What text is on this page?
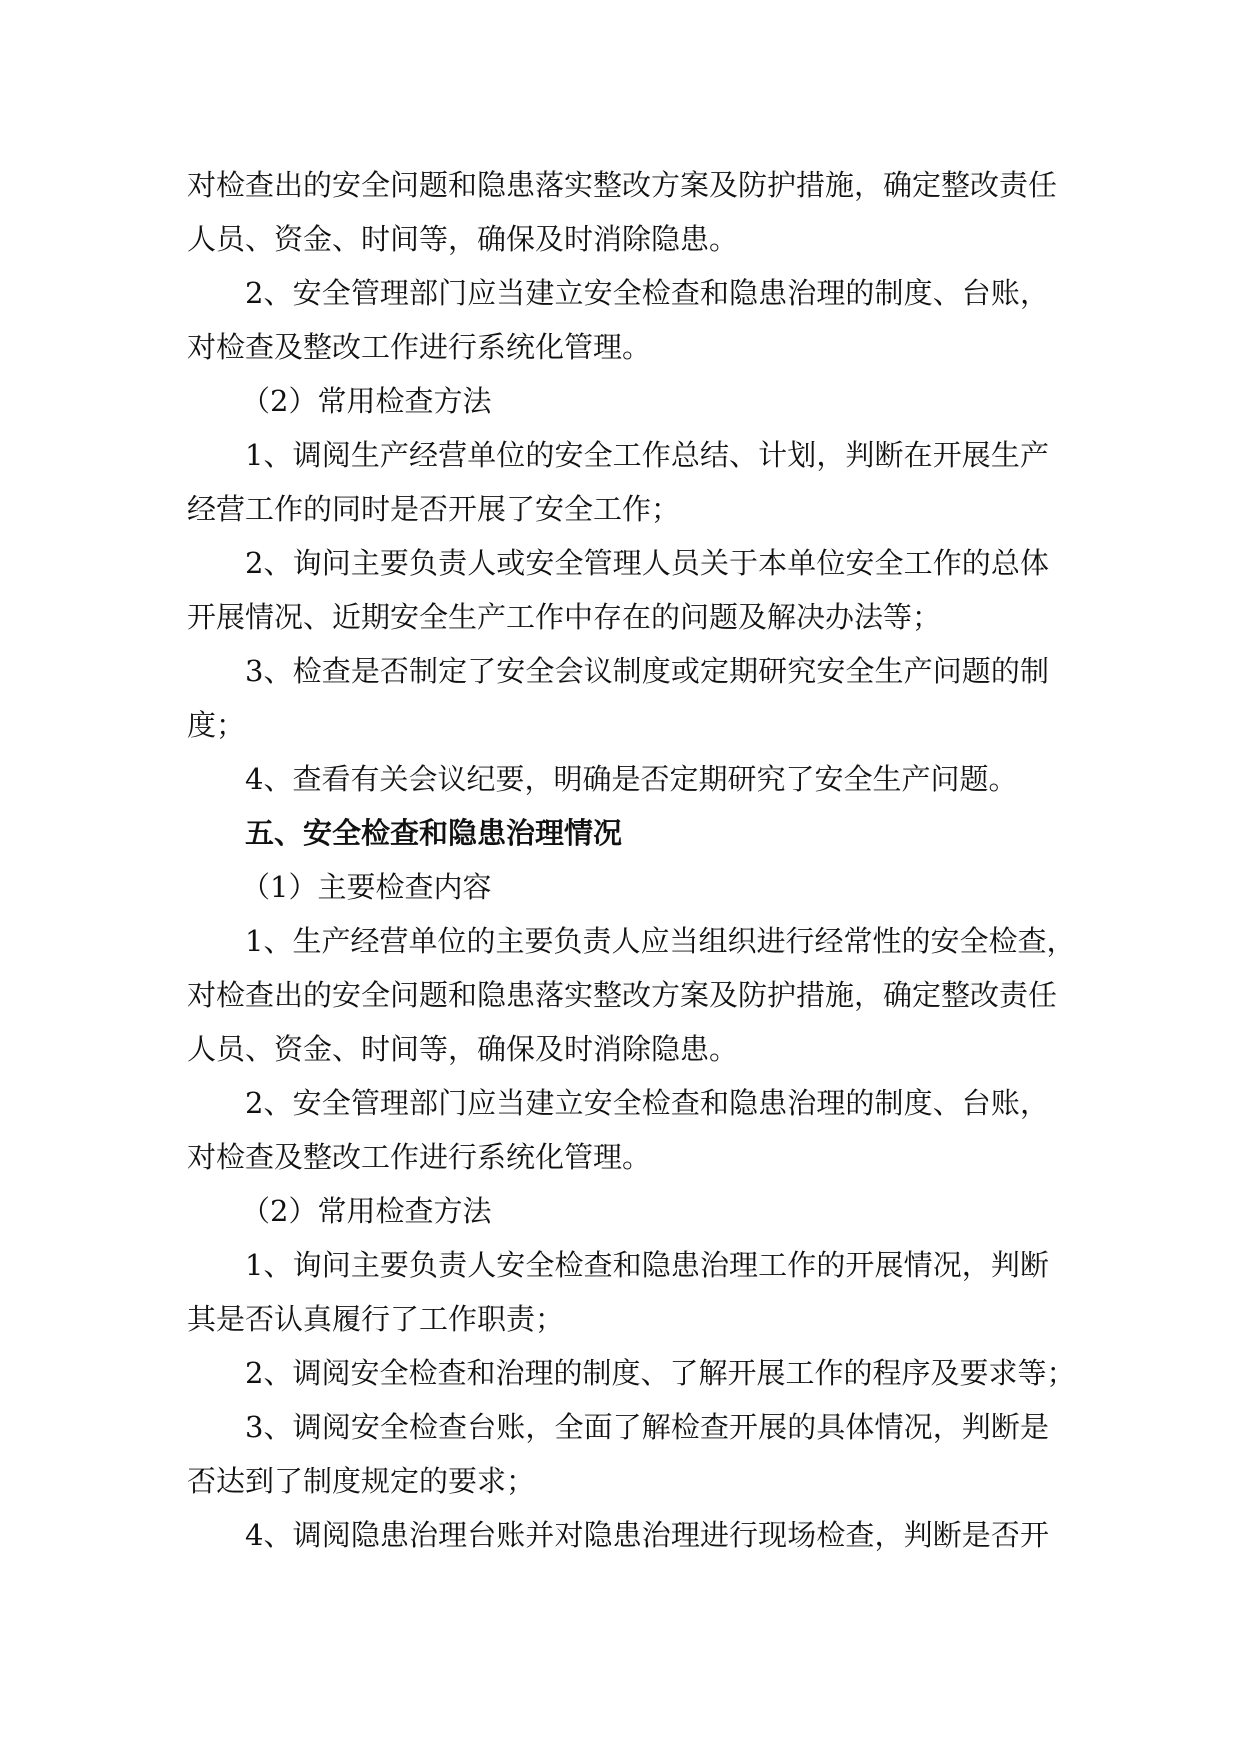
对检查出的安全问题和隐患落实整改方案及防护措施，确定整改责任
人员、资金、时间等，确保及时消除隐患。
2、安全管理部门应当建立安全检查和隐患治理的制度、台账，
对检查及整改工作进行系统化管理。
（2）常用检查方法
1、调阅生产经营单位的安全工作总结、计划，判断在开展生产
经营工作的同时是否开展了安全工作；
2、询问主要负责人或安全管理人员关于本单位安全工作的总体
开展情况、近期安全生产工作中存在的问题及解决办法等；
3、检查是否制定了安全会议制度或定期研究安全生产问题的制
度；
4、查看有关会议纪要，明确是否定期研究了安全生产问题。
五、安全检查和隐患治理情况
（1）主要检查内容
1、生产经营单位的主要负责人应当组织进行经常性的安全检查，
对检查出的安全问题和隐患落实整改方案及防护措施，确定整改责任
人员、资金、时间等，确保及时消除隐患。
2、安全管理部门应当建立安全检查和隐患治理的制度、台账，
对检查及整改工作进行系统化管理。
（2）常用检查方法
1、询问主要负责人安全检查和隐患治理工作的开展情况，判断
其是否认真履行了工作职责；
2、调阅安全检查和治理的制度、了解开展工作的程序及要求等；
3、调阅安全检查台账，全面了解检查开展的具体情况，判断是
否达到了制度规定的要求；
4、调阅隐患治理台账并对隐患治理进行现场检查，判断是否开
